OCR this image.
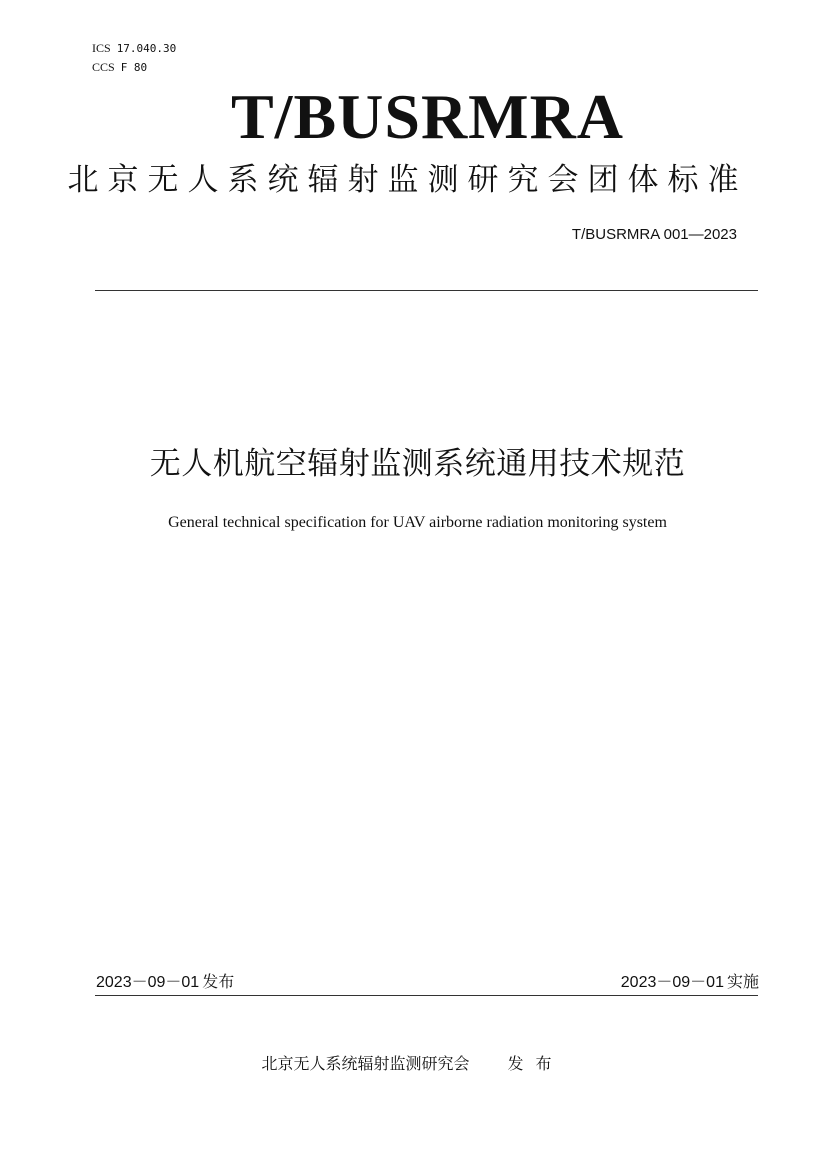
ICS 17.040.30
CCS F 80
T/BUSRMRA
北京无人系统辐射监测研究会团体标准
T/BUSRMRA 001—2023
无人机航空辐射监测系统通用技术规范
General technical specification for UAV airborne radiation monitoring system
2023－09－01 发布	2023－09－01 实施
北京无人系统辐射监测研究会 发布
